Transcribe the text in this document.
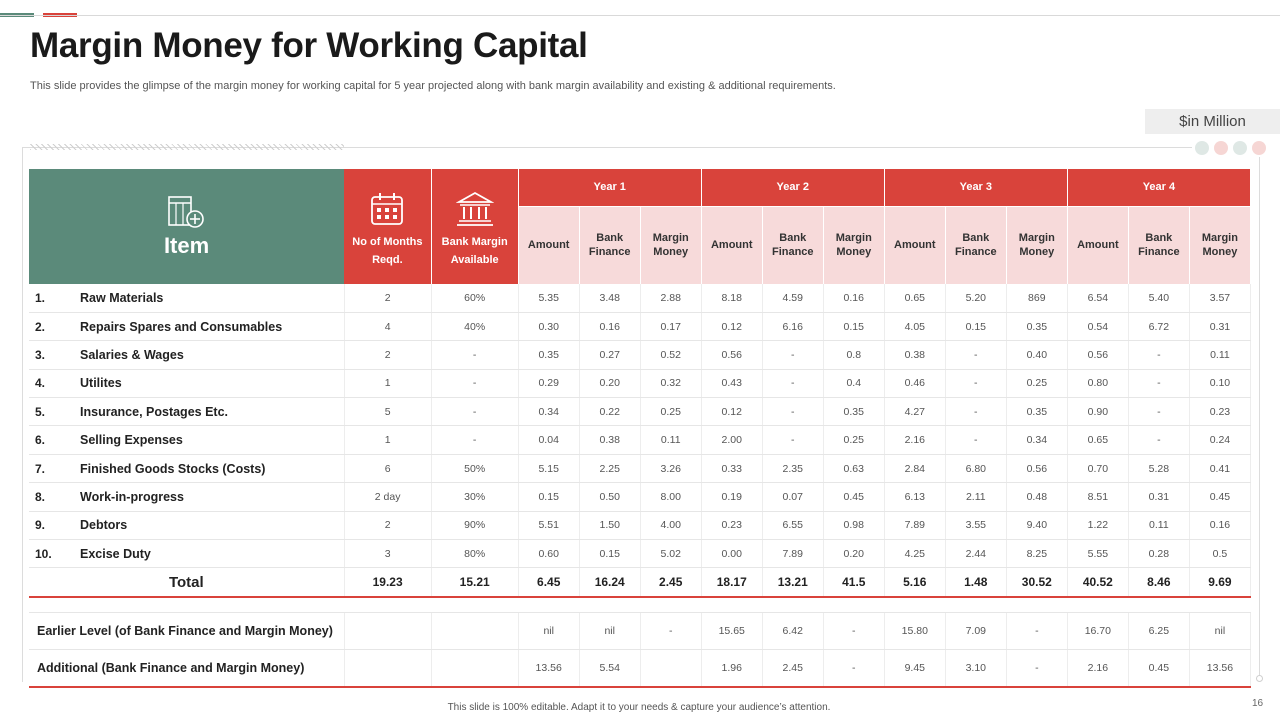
Margin Money for Working Capital

This slide provides the glimpse of the margin money for working capital for 5 year projected along with bank margin availability and existing & additional requirements.

$in Million
Item		No of Months Reqd.	Bank Margin Available	Year 1			Year 2			Year 3			Year 4		
				Amount	Bank Finance	Margin Money	Amount	Bank Finance	Margin Money	Amount	Bank Finance	Margin Money	Amount	Bank Finance	Margin Money
1.	Raw Materials	2	60%	5.35	3.48	2.88	8.18	4.59	0.16	0.65	5.20	869	6.54	5.40	3.57
2.	Repairs Spares and Consumables	4	40%	0.30	0.16	0.17	0.12	6.16	0.15	4.05	0.15	0.35	0.54	6.72	0.31
3.	Salaries & Wages	2	-	0.35	0.27	0.52	0.56	-	0.8	0.38	-	0.40	0.56	-	0.11
4.	Utilites	1	-	0.29	0.20	0.32	0.43	-	0.4	0.46	-	0.25	0.80	-	0.10
5.	Insurance, Postages Etc.	5	-	0.34	0.22	0.25	0.12	-	0.35	4.27	-	0.35	0.90	-	0.23
6.	Selling Expenses	1	-	0.04	0.38	0.11	2.00	-	0.25	2.16	-	0.34	0.65	-	0.24
7.	Finished Goods Stocks (Costs)	6	50%	5.15	2.25	3.26	0.33	2.35	0.63	2.84	6.80	0.56	0.70	5.28	0.41
8.	Work-in-progress	2 day	30%	0.15	0.50	8.00	0.19	0.07	0.45	6.13	2.11	0.48	8.51	0.31	0.45
9.	Debtors	2	90%	5.51	1.50	4.00	0.23	6.55	0.98	7.89	3.55	9.40	1.22	0.11	0.16
10.	Excise Duty	3	80%	0.60	0.15	5.02	0.00	7.89	0.20	4.25	2.44	8.25	5.55	0.28	0.5
Total		19.23	15.21	6.45	16.24	2.45	18.17	13.21	41.5	5.16	1.48	30.52	40.52	8.46	9.69

Earlier Level (of Bank Finance and Margin Money)				nil	nil	-	15.65	6.42	-	15.80	7.09	-	16.70	6.25	nil
Additional (Bank Finance and Margin Money)				13.56	5.54		1.96	2.45	-	9.45	3.10	-	2.16	0.45	13.56
This slide is 100% editable. Adapt it to your needs & capture your audience’s attention.	16
